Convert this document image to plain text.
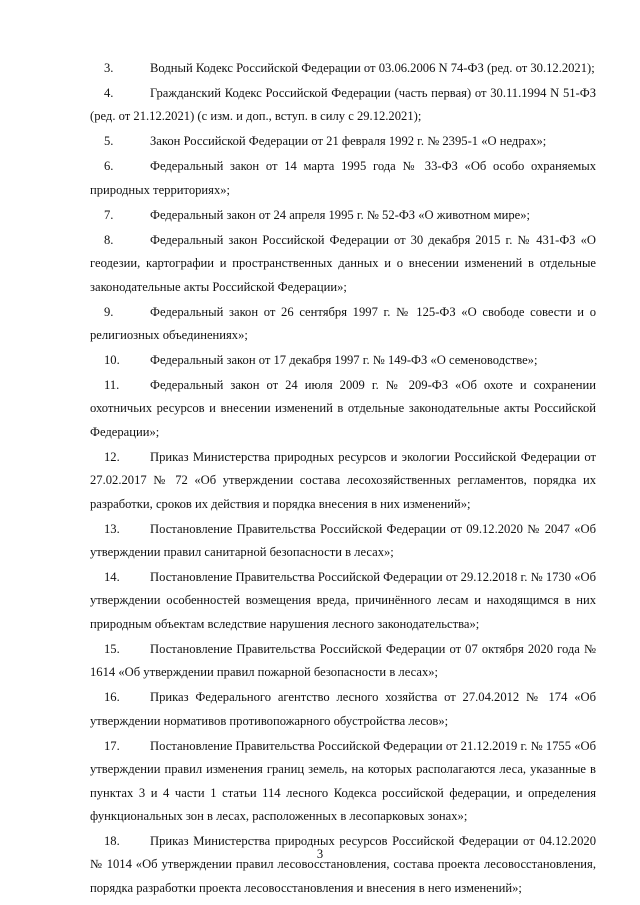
3.	Водный Кодекс Российской Федерации от 03.06.2006 N 74-ФЗ (ред. от 30.12.2021);

4.	Гражданский Кодекс Российской Федерации (часть первая) от 30.11.1994 N 51-ФЗ (ред. от 21.12.2021) (с изм. и доп., вступ. в силу с 29.12.2021);

5.	Закон Российской Федерации от 21 февраля 1992 г. № 2395-1 «О недрах»;

6.	Федеральный закон от 14 марта 1995 года № 33-ФЗ «Об особо охраняемых природных территориях»;

7.	Федеральный закон от 24 апреля 1995 г. № 52-ФЗ «О животном мире»;

8.	Федеральный закон Российской Федерации от 30 декабря 2015 г. № 431-ФЗ «О геодезии, картографии и пространственных данных и о внесении изменений в отдельные законодательные акты Российской Федерации»;

9.	Федеральный закон от 26 сентября 1997 г. № 125-ФЗ «О свободе совести и о религиозных объединениях»;

10. Федеральный закон от 17 декабря 1997 г. № 149-ФЗ «О семеноводстве»;

11. Федеральный закон от 24 июля 2009 г. № 209-ФЗ «Об охоте и сохранении охотничьих ресурсов и внесении изменений в отдельные законодательные акты Российской Федерации»;

12. Приказ Министерства природных ресурсов и экологии Российской Федерации от 27.02.2017 № 72 «Об утверждении состава лесохозяйственных регламентов, порядка их разработки, сроков их действия и порядка внесения в них изменений»;

13. Постановление Правительства Российской Федерации от 09.12.2020 № 2047 «Об утверждении правил санитарной безопасности в лесах»;

14. Постановление Правительства Российской Федерации от 29.12.2018 г. № 1730 «Об утверждении особенностей возмещения вреда, причинённого лесам и находящимся в них природным объектам вследствие нарушения лесного законодательства»;

15. Постановление Правительства Российской Федерации от 07 октября 2020 года № 1614 «Об утверждении правил пожарной безопасности в лесах»;

16. Приказ Федерального агентство лесного хозяйства от 27.04.2012 № 174 «Об утверждении нормативов противопожарного обустройства лесов»;

17. Постановление Правительства Российской Федерации от 21.12.2019 г. № 1755 «Об утверждении правил изменения границ земель, на которых располагаются леса, указанные в пунктах 3 и 4 части 1 статьи 114 лесного Кодекса российской федерации, и определения функциональных зон в лесах, расположенных в лесопарковых зонах»;

18. Приказ Министерства природных ресурсов Российской Федерации от 04.12.2020 № 1014 «Об утверждении правил лесовосстановления, состава проекта лесовосстановления, порядка разработки проекта лесовосстановления и внесения в него изменений»;

3
